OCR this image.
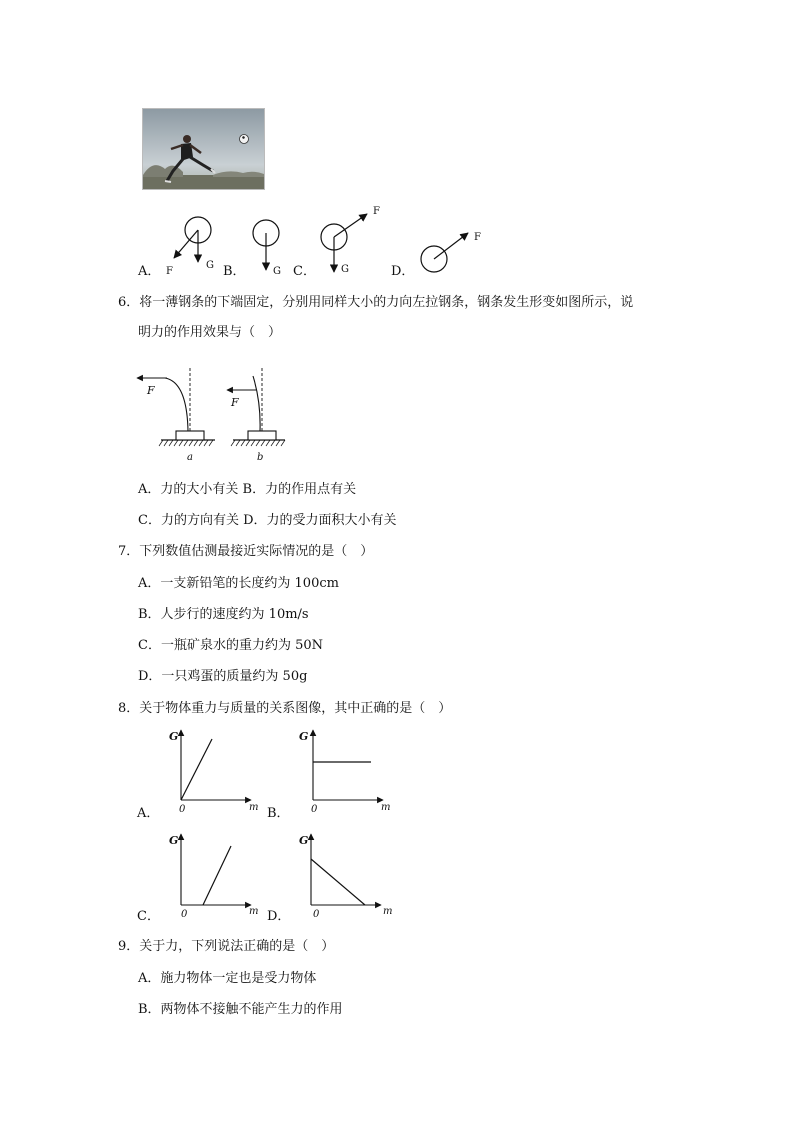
A． F
G B．	G C．
F
G	D．
F
6．将一薄钢条的下端固定，分别用同样大小的力向左拉钢条，钢条发生形变如图所示，说
明力的作用效果与（　）
F
a
F
b
A．力的大小有关 B．力的作用点有关
C．力的方向有关 D．力的受力面积大小有关
7．下列数值估测最接近实际情况的是（　）
A．一支新铅笔的长度约为 100cm
B．人步行的速度约为 10m/s
C．一瓶矿泉水的重力约为 50N
D．一只鸡蛋的质量约为 50g
8．关于物体重力与质量的关系图像，其中正确的是（　）
G
m
0
A．
G
m
0
B．
G
m
0
C．
G
m
0
D．
9．关于力，下列说法正确的是（　）
A．施力物体一定也是受力物体
B．两物体不接触不能产生力的作用
